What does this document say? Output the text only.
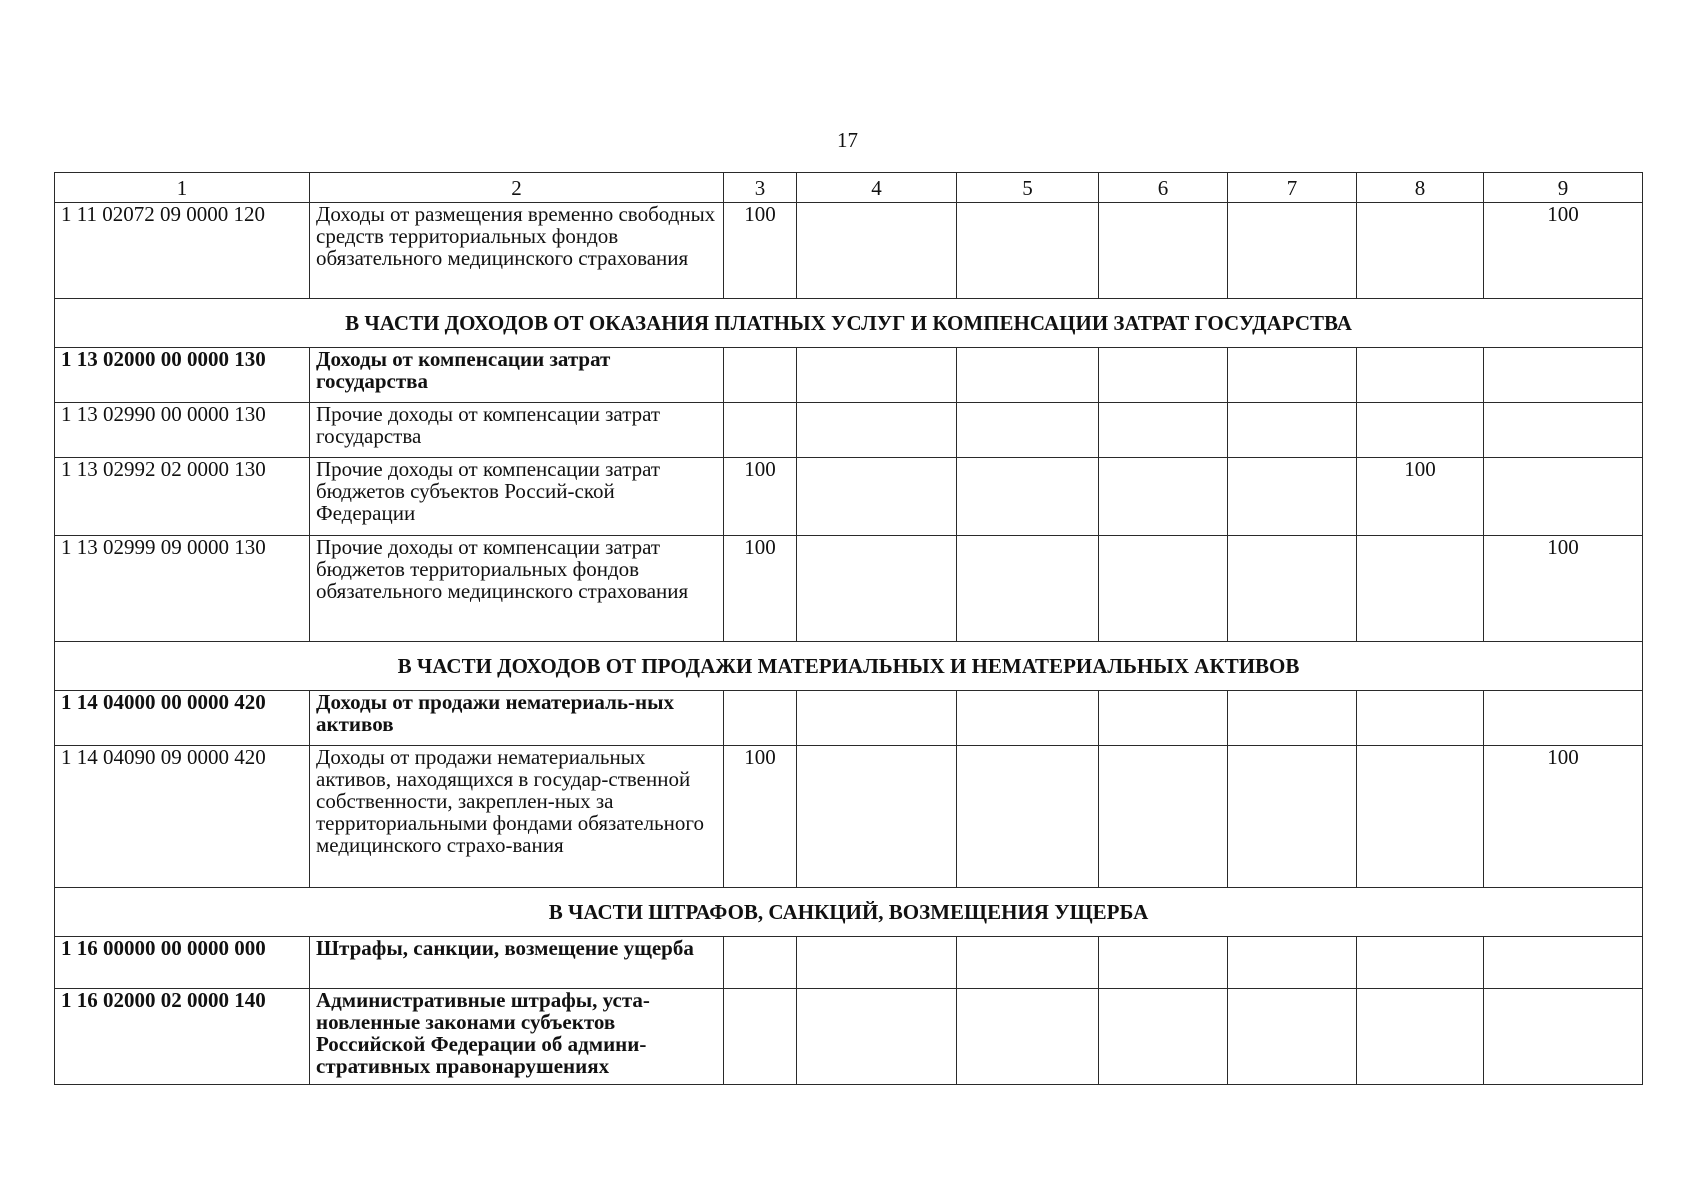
17
1	2	3	4	5	6	7	8	9
1 11 02072 09 0000 120	Доходы от размещения временно свободных средств территориальных фондов обязательного медицинского страхования	100						100
В ЧАСТИ ДОХОДОВ ОТ ОКАЗАНИЯ ПЛАТНЫХ УСЛУГ И КОМПЕНСАЦИИ ЗАТРАТ ГОСУДАРСТВА								
1 13 02000 00 0000 130	Доходы от компенсации затрат государства							
1 13 02990 00 0000 130	Прочие доходы от компенсации затрат государства							
1 13 02992 02 0000 130	Прочие доходы от компенсации затрат бюджетов субъектов Россий-ской Федерации	100					100	
1 13 02999 09 0000 130	Прочие доходы от компенсации затрат бюджетов территориальных фондов обязательного медицинского страхования	100						100
В ЧАСТИ ДОХОДОВ ОТ ПРОДАЖИ МАТЕРИАЛЬНЫХ И НЕМАТЕРИАЛЬНЫХ АКТИВОВ								
1 14 04000 00 0000 420	Доходы от продажи нематериаль-ных активов							
1 14 04090 09 0000 420	Доходы от продажи нематериальных активов, находящихся в государ-ственной собственности, закреплен-ных за территориальными фондами обязательного медицинского страхо-вания	100						100
В ЧАСТИ ШТРАФОВ, САНКЦИЙ, ВОЗМЕЩЕНИЯ УЩЕРБА								
1 16 00000 00 0000 000	Штрафы, санкции, возмещение ущерба							
1 16 02000 02 0000 140	Административные штрафы, уста-новленные законами субъектов Российской Федерации об админи-стративных правонарушениях							
